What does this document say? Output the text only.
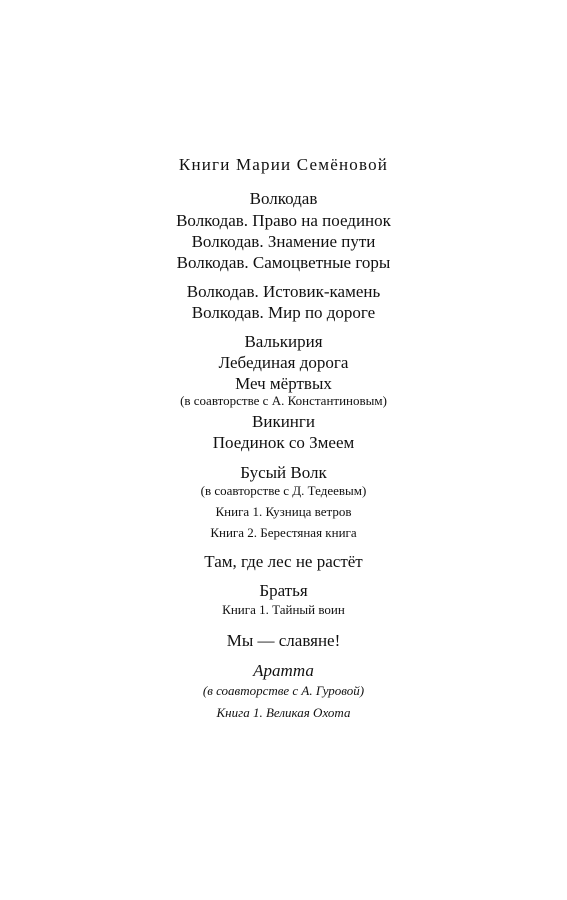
Книги Марии Семёновой
Волкодав
Волкодав. Право на поединок
Волкодав. Знамение пути
Волкодав. Самоцветные горы
Волкодав. Истовик-камень
Волкодав. Мир по дороге
Валькирия
Лебединая дорога
Меч мёртвых
(в соавторстве с А. Константиновым)
Викинги
Поединок со Змеем
Бусый Волк
(в соавторстве с Д. Тедеевым)
Книга 1. Кузница ветров
Книга 2. Берестяная книга
Там, где лес не растёт
Братья
Книга 1. Тайный воин
Мы — славяне!
Аратта
(в соавторстве с А. Гуровой)
Книга 1. Великая Охота
